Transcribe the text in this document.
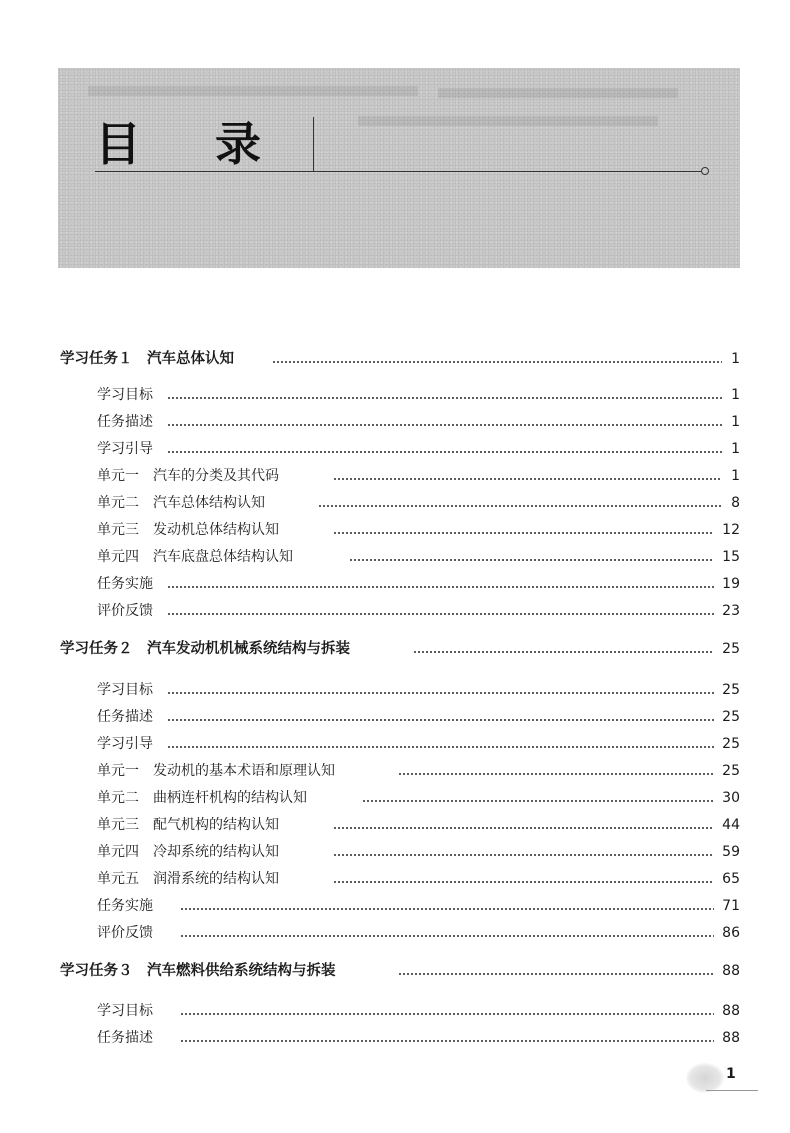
目 录
学习任务１　汽车总体认知	1
学习目标	1
任务描述	1
学习引导	1
单元一　汽车的分类及其代码	1
单元二　汽车总体结构认知	8
单元三　发动机总体结构认知	12
单元四　汽车底盘总体结构认知	15
任务实施	19
评价反馈	23
学习任务２　汽车发动机机械系统结构与拆装	25
学习目标	25
任务描述	25
学习引导	25
单元一　发动机的基本术语和原理认知	25
单元二　曲柄连杆机构的结构认知	30
单元三　配气机构的结构认知	44
单元四　冷却系统的结构认知	59
单元五　润滑系统的结构认知	65
任务实施	71
评价反馈	86
学习任务３　汽车燃料供给系统结构与拆装	88
学习目标	88
任务描述	88
1
